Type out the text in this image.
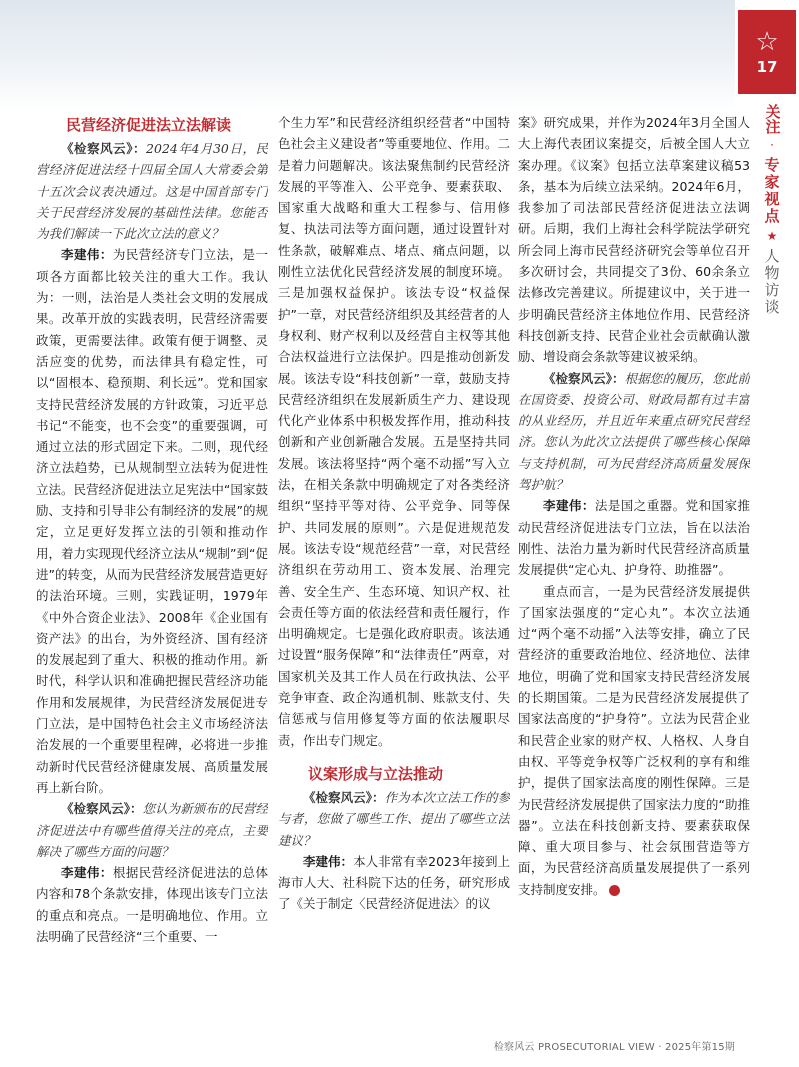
☆
17
关注
·
专
家
视
点
★
人
物
访
谈

民营经济促进法立法解读

《检察风云》：2024年4月30日，民营经济促进法经十四届全国人大常委会第十五次会议表决通过。这是中国首部专门关于民营经济发展的基础性法律。您能否为我们解读一下此次立法的意义？

李建伟：为民营经济专门立法，是一项各方面都比较关注的重大工作。我认为：一则，法治是人类社会文明的发展成果。改革开放的实践表明，民营经济需要政策，更需要法律。政策有便于调整、灵活应变的优势，而法律具有稳定性，可以“固根本、稳预期、利长远”。党和国家支持民营经济发展的方针政策，习近平总书记“不能变，也不会变”的重要强调，可通过立法的形式固定下来。二则，现代经济立法趋势，已从规制型立法转为促进性立法。民营经济促进法立足宪法中“国家鼓励、支持和引导非公有制经济的发展”的规定，立足更好发挥立法的引领和推动作用，着力实现现代经济立法从“规制”到“促进”的转变，从而为民营经济发展营造更好的法治环境。三则，实践证明，1979年《中外合资企业法》、2008年《企业国有资产法》的出台，为外资经济、国有经济的发展起到了重大、积极的推动作用。新时代，科学认识和准确把握民营经济功能作用和发展规律，为民营经济发展促进专门立法，是中国特色社会主义市场经济法治发展的一个重要里程碑，必将进一步推动新时代民营经济健康发展、高质量发展再上新台阶。

《检察风云》：您认为新颁布的民营经济促进法中有哪些值得关注的亮点，主要解决了哪些方面的问题？

李建伟：根据民营经济促进法的总体内容和78个条款安排，体现出该专门立法的重点和亮点。一是明确地位、作用。立法明确了民营经济“三个重要、一

个生力军”和民营经济组织经营者“中国特色社会主义建设者”等重要地位、作用。二是着力问题解决。该法聚焦制约民营经济发展的平等准入、公平竞争、要素获取、国家重大战略和重大工程参与、信用修复、执法司法等方面问题，通过设置针对性条款，破解难点、堵点、痛点问题，以刚性立法优化民营经济发展的制度环境。三是加强权益保护。该法专设“权益保护”一章，对民营经济组织及其经营者的人身权利、财产权利以及经营自主权等其他合法权益进行立法保护。四是推动创新发展。该法专设“科技创新”一章，鼓励支持民营经济组织在发展新质生产力、建设现代化产业体系中积极发挥作用，推动科技创新和产业创新融合发展。五是坚持共同发展。该法将坚持“两个毫不动摇”写入立法，在相关条款中明确规定了对各类经济组织“坚持平等对待、公平竞争、同等保护、共同发展的原则”。六是促进规范发展。该法专设“规范经营”一章，对民营经济组织在劳动用工、资本发展、治理完善、安全生产、生态环境、知识产权、社会责任等方面的依法经营和责任履行，作出明确规定。七是强化政府职责。该法通过设置“服务保障”和“法律责任”两章，对国家机关及其工作人员在行政执法、公平竞争审查、政企沟通机制、账款支付、失信惩戒与信用修复等方面的依法履职尽责，作出专门规定。

议案形成与立法推动

《检察风云》：作为本次立法工作的参与者，您做了哪些工作、提出了哪些立法建议？

李建伟：本人非常有幸2023年接到上海市人大、社科院下达的任务，研究形成了《关于制定〈民营经济促进法〉的议

案》研究成果，并作为2024年3月全国人大上海代表团议案提交，后被全国人大立案办理。《议案》包括立法草案建议稿53条，基本为后续立法采纳。2024年6月，我参加了司法部民营经济促进法立法调研。后期，我们上海社会科学院法学研究所会同上海市民营经济研究会等单位召开多次研讨会，共同提交了3份、60余条立法修改完善建议。所提建议中，关于进一步明确民营经济主体地位作用、民营经济科技创新支持、民营企业社会贡献确认激励、增设商会条款等建议被采纳。

《检察风云》：根据您的履历，您此前在国资委、投资公司、财政局都有过丰富的从业经历，并且近年来重点研究民营经济。您认为此次立法提供了哪些核心保障与支持机制，可为民营经济高质量发展保驾护航？

李建伟：法是国之重器。党和国家推动民营经济促进法专门立法，旨在以法治刚性、法治力量为新时代民营经济高质量发展提供“定心丸、护身符、助推器”。

重点而言，一是为民营经济发展提供了国家法强度的“定心丸”。本次立法通过“两个毫不动摇”入法等安排，确立了民营经济的重要政治地位、经济地位、法律地位，明确了党和国家支持民营经济发展的长期国策。二是为民营经济发展提供了国家法高度的“护身符”。立法为民营企业和民营企业家的财产权、人格权、人身自由权、平等竞争权等广泛权利的享有和维护，提供了国家法高度的刚性保障。三是为民营经济发展提供了国家法力度的“助推器”。立法在科技创新支持、要素获取保障、重大项目参与、社会氛围营造等方面，为民营经济高质量发展提供了一系列支持制度安排。

检察风云 PROSECUTORIAL VIEW · 2025年第15期
